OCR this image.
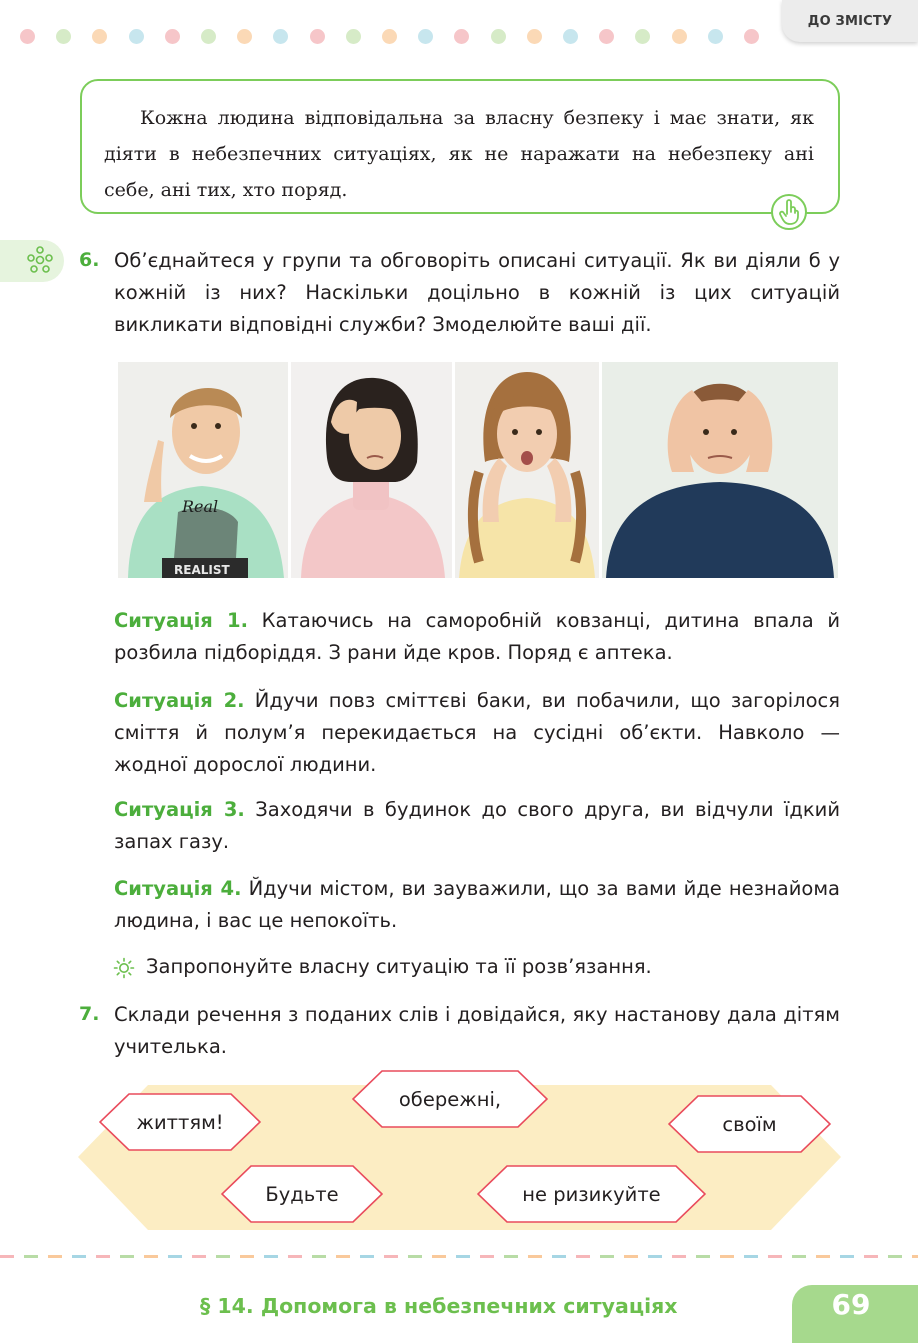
ДО ЗМІСТУ

Кожна людина відповідальна за власну безпеку і має знати, як діяти в небезпечних ситуаціях, як не наражати на небезпеку ані себе, ані тих, хто поряд.

6. Об’єднайтеся у групи та обговоріть описані ситуації. Як ви діяли б у кожній із них? Наскільки доцільно в кожній із цих ситуацій викликати відповідні служби? Змоделюйте ваші дії.
REALIST
Real
Ситуація 1. Катаючись на саморобній ковзанці, дитина впала й розбила підборіддя. З рани йде кров. Поряд є аптека.
Ситуація 2. Йдучи повз сміттєві баки, ви побачили, що загорілося сміття й полум’я перекидається на сусідні об’єкти. Навколо — жодної дорослої людини.
Ситуація 3. Заходячи в будинок до свого друга, ви відчули їдкий запах газу.
Ситуація 4. Йдучи містом, ви зауважили, що за вами йде незнайома людина, і вас це непокоїть.
Запропонуйте власну ситуацію та її розв’язання.
7. Склади речення з поданих слів і довідайся, яку настанову дала дітям учителька.
обережні,
життям!	своїм
Будьте	не ризикуйте
§ 14. Допомога в небезпечних ситуаціях	69
